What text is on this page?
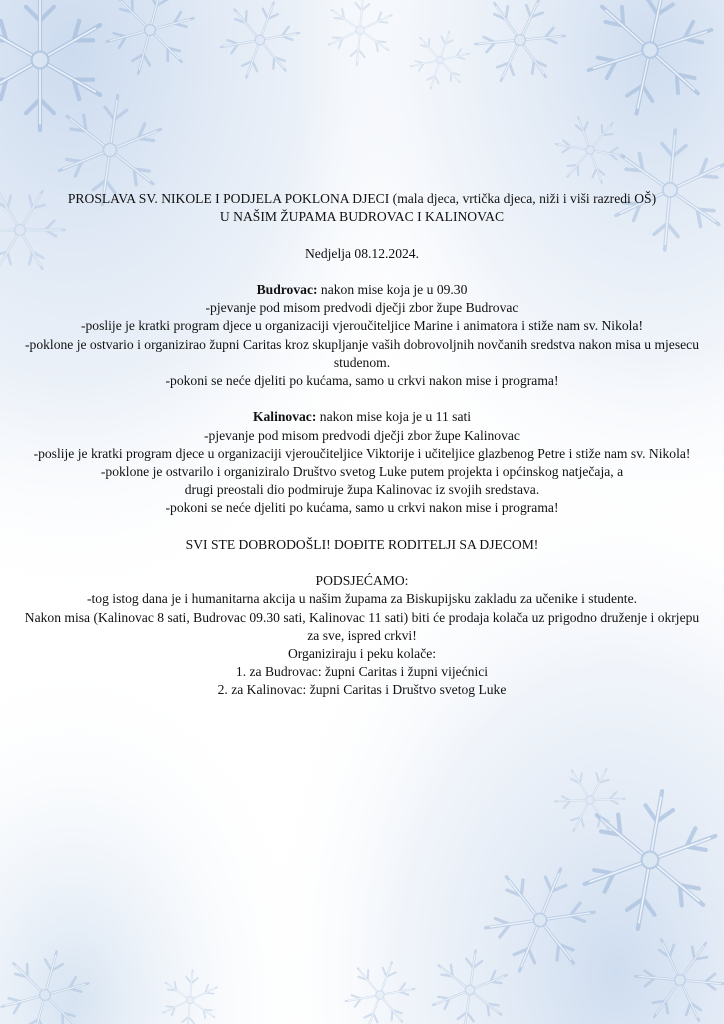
PROSLAVA SV. NIKOLE I PODJELA POKLONA DJECI (mala djeca, vrtička djeca, niži i viši razredi OŠ)

U NAŠIM ŽUPAMA BUDROVAC I KALINOVAC

Nedjelja 08.12.2024.

Budrovac: nakon mise koja je u 09.30

-pjevanje pod misom predvodi dječji zbor župe Budrovac

-poslije je kratki program djece u organizaciji vjeroučiteljice Marine i animatora i stiže nam sv. Nikola!

-poklone je ostvario i organizirao župni Caritas kroz skupljanje vaših dobrovoljnih novčanih sredstva nakon misa u mjesecu studenom.

-pokoni se neće djeliti po kućama, samo u crkvi nakon mise i programa!

Kalinovac: nakon mise koja je u 11 sati

-pjevanje pod misom predvodi dječji zbor župe Kalinovac

-poslije je kratki program djece u organizaciji vjeroučiteljice Viktorije i učiteljice glazbenog Petre i stiže nam sv. Nikola!

-poklone je ostvarilo i organiziralo Društvo svetog Luke putem projekta i općinskog natječaja, a drugi preostali dio podmiruje župa Kalinovac iz svojih sredstava.

-pokoni se neće djeliti po kućama, samo u crkvi nakon mise i programa!

SVI STE DOBRODOŠLI! DOĐITE RODITELJI SA DJECOM!

PODSJEĆAMO:

-tog istog dana je i humanitarna akcija u našim župama za Biskupijsku zakladu za učenike i studente.

Nakon misa (Kalinovac 8 sati, Budrovac 09.30 sati, Kalinovac 11 sati) biti će prodaja kolača uz prigodno druženje i okrjepu za sve, ispred crkvi!

Organiziraju i peku kolače:

1. za Budrovac: župni Caritas i župni vijećnici

2. za Kalinovac: župni Caritas i Društvo svetog Luke
